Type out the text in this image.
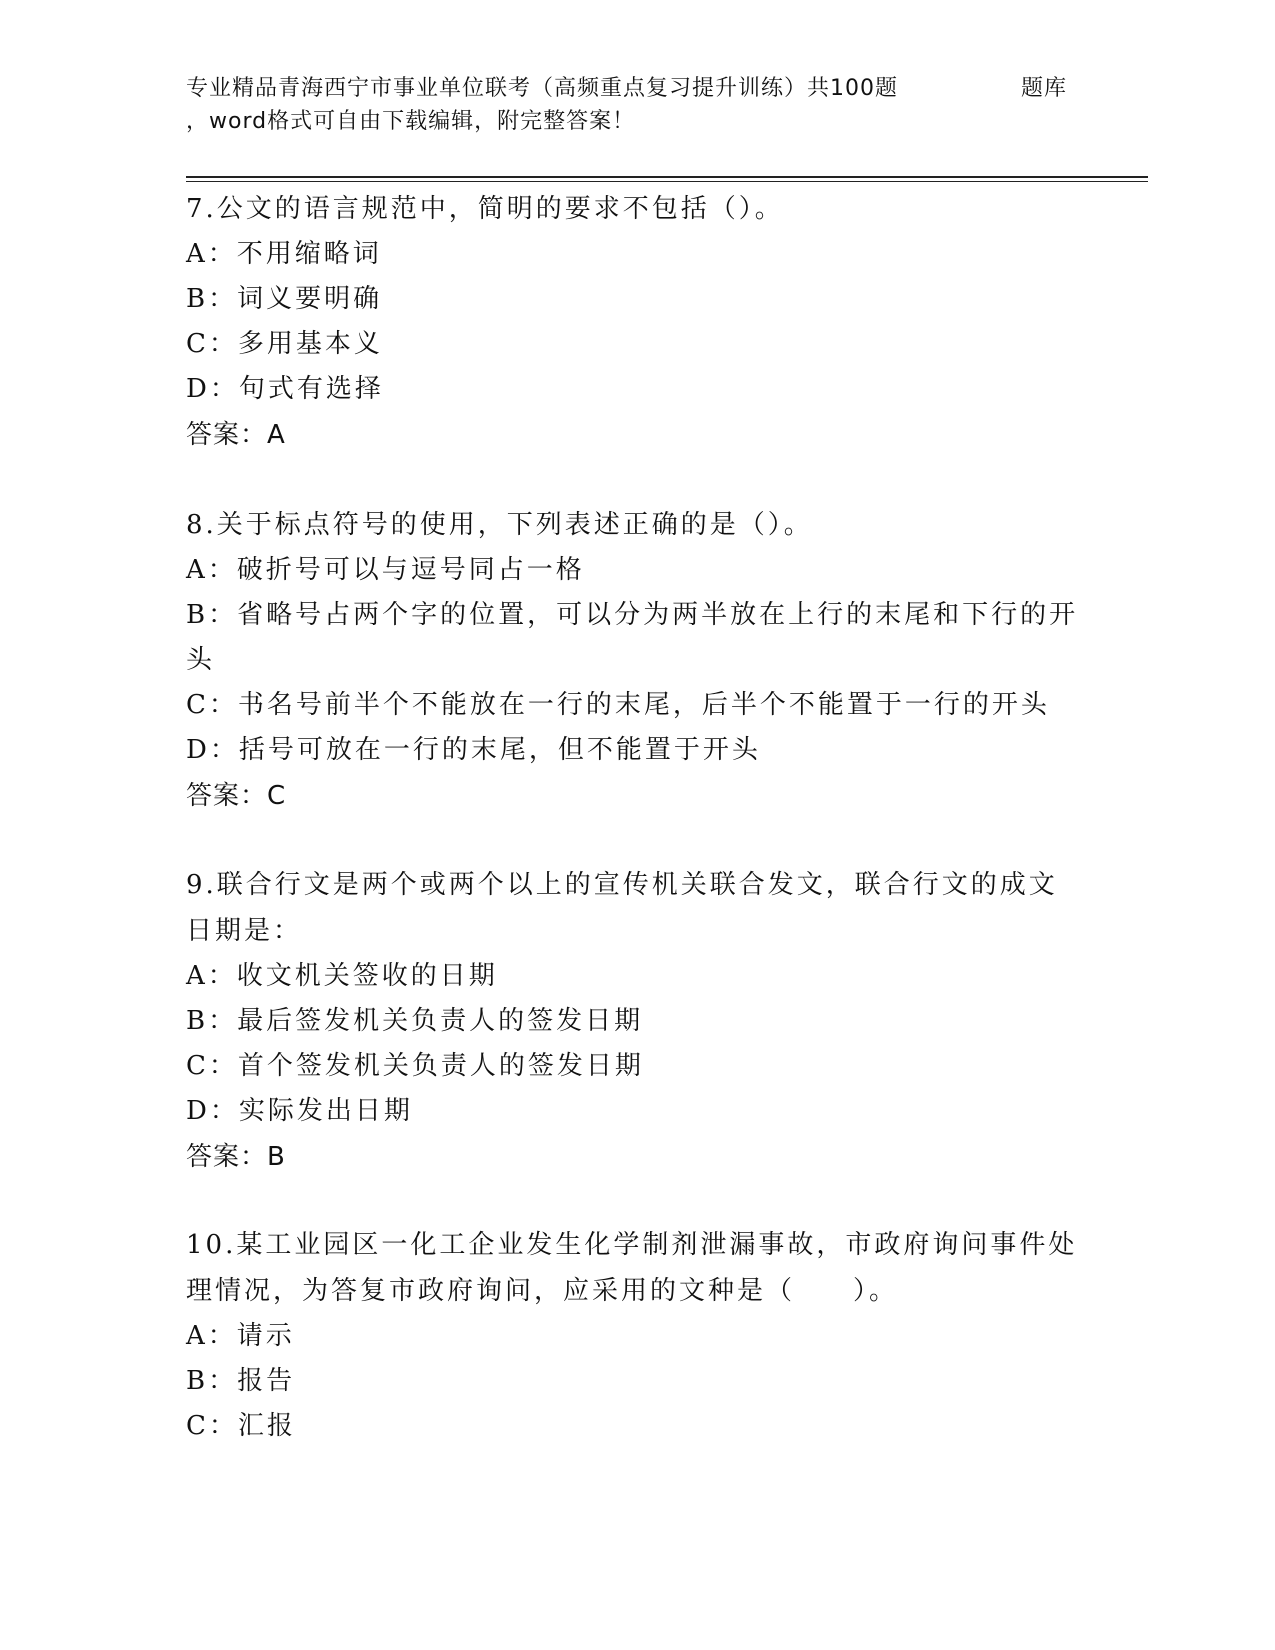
专业精品青海西宁市事业单位联考（高频重点复习提升训练）共100题	题库
，word格式可自由下载编辑，附完整答案！

7.公文的语言规范中，简明的要求不包括（）。

A：不用缩略词

B：词义要明确

C：多用基本义

D：句式有选择

答案：A

8.关于标点符号的使用，下列表述正确的是（）。

A：破折号可以与逗号同占一格

B：省略号占两个字的位置，可以分为两半放在上行的末尾和下行的开头

C：书名号前半个不能放在一行的末尾，后半个不能置于一行的开头

D：括号可放在一行的末尾，但不能置于开头

答案：C

9.联合行文是两个或两个以上的宣传机关联合发文，联合行文的成文日期是：

A：收文机关签收的日期

B：最后签发机关负责人的签发日期

C：首个签发机关负责人的签发日期

D：实际发出日期

答案：B

10.某工业园区一化工企业发生化学制剂泄漏事故，市政府询问事件处理情况，为答复市政府询问，应采用的文种是（　　）。

A：请示

B：报告

C：汇报
